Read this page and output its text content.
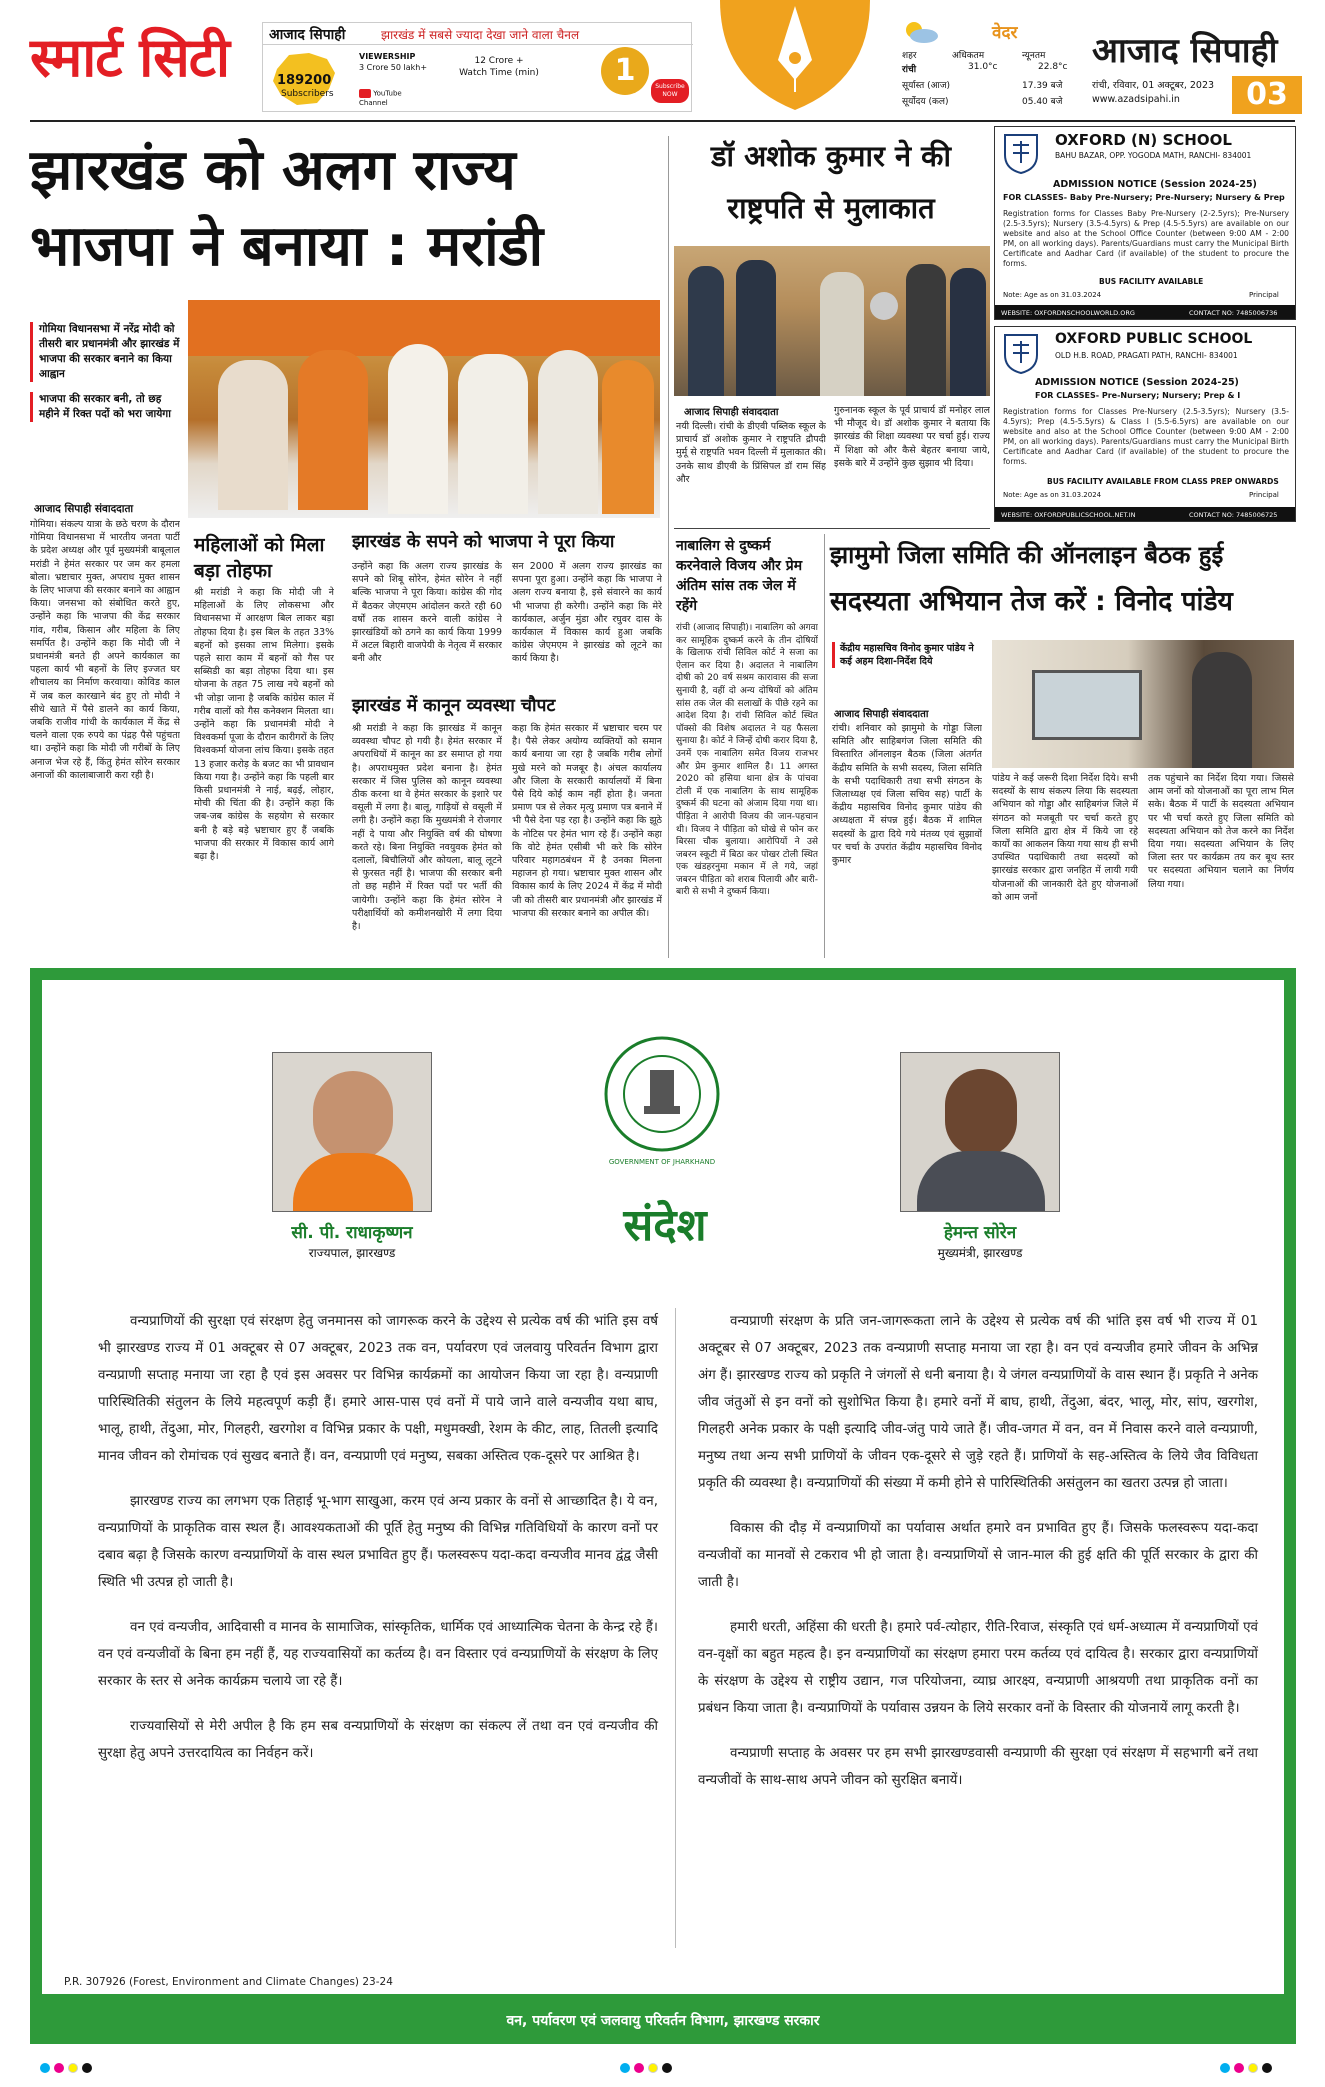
स्मार्ट सिटी	आजाद सिपाही	झारखंड में सबसे ज्यादा देखा जाने वाला चैनल
189200
Subscribers
VIEWERSHIP
3 Crore 50 lakh+
YouTube
Channel
12 Crore +
Watch Time (min)	1	Subscribe NOW
वेदर
शहर	अधिकतम	न्यूनतम
रांची	31.0°c	22.8°c
सूर्यास्त (आज)	17.39 बजे
सूर्योदय (कल)	05.40 बजे
आजाद सिपाही
रांची, रविवार, 01 अक्टूबर, 2023
www.azadsipahi.in	03
झारखंड को अलग राज्य
भाजपा ने बनाया : मरांडी
गोमिया विधानसभा में नरेंद्र मोदी को तीसरी बार प्रधानमंत्री और झारखंड में भाजपा की सरकार बनाने का किया आह्वान
भाजपा की सरकार बनी, तो छह महीने में रिक्त पदों को भरा जायेगा
आजाद सिपाही संवाददाता
गोमिया। संकल्प यात्रा के छठे चरण के दौरान गोमिया विधानसभा में भारतीय जनता पार्टी के प्रदेश अध्यक्ष और पूर्व मुख्यमंत्री बाबूलाल मरांडी ने हेमंत सरकार पर जम कर हमला बोला। भ्रष्टाचार मुक्त, अपराध मुक्त शासन के लिए भाजपा की सरकार बनाने का आह्वान किया। जनसभा को संबोधित करते हुए, उन्होंने कहा कि भाजपा की केंद्र सरकार गांव, गरीब, किसान और महिला के लिए समर्पित है। उन्होंने कहा कि मोदी जी ने प्रधानमंत्री बनते ही अपने कार्यकाल का पहला कार्य भी बहनों के लिए इज्जत घर शौचालय का निर्माण करवाया। कोविड काल में जब कल कारखाने बंद हुए तो मोदी ने सीधे खाते में पैसे डालने का कार्य किया, जबकि राजीव गांधी के कार्यकाल में केंद्र से चलने वाला एक रुपये का पंद्रह पैसे पहुंचता था। उन्होंने कहा कि मोदी जी गरीबों के लिए अनाज भेज रहे हैं, किंतु हेमंत सोरेन सरकार अनाजों की कालाबाजारी करा रही है।
महिलाओं को मिला बड़ा तोहफा
श्री मरांडी ने कहा कि मोदी जी ने महिलाओं के लिए लोकसभा और विधानसभा में आरक्षण बिल लाकर बड़ा तोहफा दिया है। इस बिल के तहत 33% बहनों को इसका लाभ मिलेगा। इसके पहले सारा काम में बहनों को गैस पर सब्सिडी का बड़ा तोहफा दिया था। इस योजना के तहत 75 लाख नये बहनों को भी जोड़ा जाना है जबकि कांग्रेस काल में गरीब वालों को गैस कनेक्शन मिलता था। उन्होंने कहा कि प्रधानमंत्री मोदी ने विश्वकर्मा पूजा के दौरान कारीगरों के लिए विश्वकर्मा योजना लांच किया। इसके तहत 13 हजार करोड़ के बजट का भी प्रावधान किया गया है। उन्होंने कहा कि पहली बार किसी प्रधानमंत्री ने नाई, बढ़ई, लोहार, मोची की चिंता की है। उन्होंने कहा कि जब-जब कांग्रेस के सहयोग से सरकार बनी है बड़े बड़े भ्रष्टाचार हुए हैं जबकि भाजपा की सरकार में विकास कार्य आगे बढ़ा है।
झारखंड के सपने को भाजपा ने पूरा किया
उन्होंने कहा कि अलग राज्य झारखंड के सपने को शिबू सोरेन, हेमंत सोरेन ने नहीं बल्कि भाजपा ने पूरा किया। कांग्रेस की गोद में बैठकर जेएमएम आंदोलन करते रही 60 वर्षों तक शासन करने वाली कांग्रेस ने झारखंडियों को ठगने का कार्य किया 1999 में अटल बिहारी वाजपेयी के नेतृत्व में सरकार बनी और
सन 2000 में अलग राज्य झारखंड का सपना पूरा हुआ। उन्होंने कहा कि भाजपा ने अलग राज्य बनाया है, इसे संवारने का कार्य भी भाजपा ही करेगी। उन्होंने कहा कि मेरे कार्यकाल, अर्जुन मुंडा और रघुवर दास के कार्यकाल में विकास कार्य हुआ जबकि कांग्रेस जेएमएम ने झारखंड को लूटने का कार्य किया है।
झारखंड में कानून व्यवस्था चौपट
श्री मरांडी ने कहा कि झारखंड में कानून व्यवस्था चौपट हो गयी है। हेमंत सरकार में अपराधियों में कानून का डर समाप्त हो गया है। अपराधमुक्त प्रदेश बनाना है। हेमंत सरकार में जिस पुलिस को कानून व्यवस्था ठीक करना था वे हेमंत सरकार के इशारे पर वसूली में लगा है। बालू, गाड़ियों से वसूली में लगी है। उन्होंने कहा कि मुख्यमंत्री ने रोजगार नहीं दे पाया और नियुक्ति वर्ष की घोषणा करते रहे। बिना नियुक्ति नवयुवक हेमंत को दलालों, बिचौलियों और कोयला, बालू लूटने से फुरसत नहीं है। भाजपा की सरकार बनी तो छह महीने में रिक्त पदों पर भर्ती की जायेगी। उन्होंने कहा कि हेमंत सोरेन ने परीक्षार्थियों को कमीशनखोरी में लगा दिया है।
कहा कि हेमंत सरकार में भ्रष्टाचार चरम पर है। पैसे लेकर अयोग्य व्यक्तियों को समान कार्य बनाया जा रहा है जबकि गरीब लोगों मुखे मरने को मजबूर है। अंचल कार्यालय और जिला के सरकारी कार्यालयों में बिना पैसे दिये कोई काम नहीं होता है। जनता प्रमाण पत्र से लेकर मृत्यु प्रमाण पत्र बनाने में भी पैसे देना पड़ रहा है। उन्होंने कहा कि झूठे के नोटिस पर हेमंत भाग रहे हैं। उन्होंने कहा कि वोटे हेमंत एसीबी भी करे कि सोरेन परिवार महागठबंधन में है उनका मिलना महाजन हो गया। भ्रष्टाचार मुक्त शासन और विकास कार्य के लिए 2024 में केंद्र में मोदी जी को तीसरी बार प्रधानमंत्री और झारखंड में भाजपा की सरकार बनाने का अपील की।
डॉ अशोक कुमार ने की
राष्ट्रपति से मुलाकात
आजाद सिपाही संवाददाता
नयी दिल्ली। रांची के डीएवी पब्लिक स्कूल के प्राचार्य डॉ अशोक कुमार ने राष्ट्रपति द्रौपदी मुर्मू से राष्ट्रपति भवन दिल्ली में मुलाकात की। उनके साथ डीएवी के प्रिंसिपल डॉ राम सिंह और
गुरुनानक स्कूल के पूर्व प्राचार्य डॉ मनोहर लाल भी मौजूद थे। डॉ अशोक कुमार ने बताया कि झारखंड की शिक्षा व्यवस्था पर चर्चा हुई। राज्य में शिक्षा को और कैसे बेहतर बनाया जाये, इसके बारे में उन्होंने कुछ सुझाव भी दिया।
नाबालिग से दुष्कर्म करनेवाले विजय और प्रेम अंतिम सांस तक जेल में रहेंगे
रांची (आजाद सिपाही)। नाबालिग को अगवा कर सामूहिक दुष्कर्म करने के तीन दोषियों के खिलाफ रांची सिविल कोर्ट ने सजा का ऐलान कर दिया है। अदालत ने नाबालिग दोषी को 20 वर्ष सश्रम कारावास की सजा सुनायी है, वहीं दो अन्य दोषियों को अंतिम सांस तक जेल की सलाखों के पीछे रहने का आदेश दिया है। रांची सिविल कोर्ट स्थित पॉक्सो की विशेष अदालत ने यह फैसला सुनाया है। कोर्ट ने जिन्हें दोषी करार दिया है, उनमें एक नाबालिग समेत विजय राजभर और प्रेम कुमार शामिल है। 11 अगस्त 2020 को हसिया थाना क्षेत्र के पांचवा टोली में एक नाबालिग के साथ सामूहिक दुष्कर्म की घटना को अंजाम दिया गया था। पीड़िता ने आरोपी विजय की जान-पहचान थी। विजय ने पीड़िता को घोखे से फोन कर बिरसा चौक बुलाया। आरोपियों ने उसे जबरन स्कूटी में बिठा कर पोखर टोली स्थित एक खंडहरनुमा मकान में ले गये, जहां जबरन पीड़िता को शराब पिलायी और बारी-बारी से सभी ने दुष्कर्म किया।
झामुमो जिला समिति की ऑनलाइन बैठक हुई
सदस्यता अभियान तेज करें : विनोद पांडेय
केंद्रीय महासचिव विनोद कुमार पांडेय ने कई अहम दिशा-निर्देश दिये
आजाद सिपाही संवाददाता
रांची। शनिवार को झामुमो के गोड्डा जिला समिति और साहिबगंज जिला समिति की विस्तारित ऑनलाइन बैठक (जिला अंतर्गत केंद्रीय समिति के सभी सदस्य, जिला समिति के सभी पदाधिकारी तथा सभी संगठन के जिलाध्यक्ष एवं जिला सचिव सह) पार्टी के केंद्रीय महासचिव विनोद कुमार पांडेय की अध्यक्षता में संपन्न हुई। बैठक में शामिल सदस्यों के द्वारा दिये गये मंतव्य एवं सुझावों पर चर्चा के उपरांत केंद्रीय महासचिव विनोद कुमार
पांडेय ने कई जरूरी दिशा निर्देश दिये। सभी सदस्यों के साथ संकल्प लिया कि सदस्यता अभियान को गोड्डा और साहिबगंज जिले में संगठन को मजबूती पर चर्चा करते हुए जिला समिति द्वारा क्षेत्र में किये जा रहे कार्यों का आकलन किया गया साथ ही सभी उपस्थित पदाधिकारी तथा सदस्यों को झारखंड सरकार द्वारा जनहित में लायी गयी योजनाओं की जानकारी देते हुए योजनाओं को आम जनों
तक पहुंचाने का निर्देश दिया गया। जिससे आम जनों को योजनाओं का पूरा लाभ मिल सके। बैठक में पार्टी के सदस्यता अभियान पर भी चर्चा करते हुए जिला समिति को सदस्यता अभियान को तेज करने का निर्देश दिया गया। सदस्यता अभियान के लिए जिला स्तर पर कार्यक्रम तय कर बूथ स्तर पर सदस्यता अभियान चलाने का निर्णय लिया गया।
OXFORD (N) SCHOOL
BAHU BAZAR, OPP. YOGODA MATH, RANCHI- 834001
ADMISSION NOTICE (Session 2024-25)
FOR CLASSES- Baby Pre-Nursery; Pre-Nursery; Nursery & Prep
Registration forms for Classes Baby Pre-Nursery (2-2.5yrs); Pre-Nursery (2.5-3.5yrs); Nursery (3.5-4.5yrs) & Prep (4.5-5.5yrs) are available on our website and also at the School Office Counter (between 9:00 AM - 2:00 PM, on all working days). Parents/Guardians must carry the Municipal Birth Certificate and Aadhar Card (if available) of the student to procure the forms.
BUS FACILITY AVAILABLE
Note: Age as on 31.03.2024	Principal
WEBSITE: OXFORDNSCHOOLWORLD.ORG	CONTACT NO: 7485006736
OXFORD PUBLIC SCHOOL
OLD H.B. ROAD, PRAGATI PATH, RANCHI- 834001
ADMISSION NOTICE (Session 2024-25)
FOR CLASSES- Pre-Nursery; Nursery; Prep & I
Registration forms for Classes Pre-Nursery (2.5-3.5yrs); Nursery (3.5-4.5yrs); Prep (4.5-5.5yrs) & Class I (5.5-6.5yrs) are available on our website and also at the School Office Counter (between 9:00 AM - 2:00 PM, on all working days). Parents/Guardians must carry the Municipal Birth Certificate and Aadhar Card (if available) of the student to procure the forms.
BUS FACILITY AVAILABLE FROM CLASS PREP ONWARDS
Note: Age as on 31.03.2024	Principal
WEBSITE: OXFORDPUBLICSCHOOL.NET.IN	CONTACT NO: 7485006725
सी. पी. राधाकृष्णन
राज्यपाल, झारखण्ड
GOVERNMENT OF JHARKHAND
संदेश	हेमन्त सोरेन
मुख्यमंत्री, झारखण्ड

वन्यप्राणियों की सुरक्षा एवं संरक्षण हेतु जनमानस को जागरूक करने के उद्देश्य से प्रत्येक वर्ष की भांति इस वर्ष भी झारखण्ड राज्य में 01 अक्टूबर से 07 अक्टूबर, 2023 तक वन, पर्यावरण एवं जलवायु परिवर्तन विभाग द्वारा वन्यप्राणी सप्ताह मनाया जा रहा है एवं इस अवसर पर विभिन्न कार्यक्रमों का आयोजन किया जा रहा है। वन्यप्राणी पारिस्थितिकी संतुलन के लिये महत्वपूर्ण कड़ी हैं। हमारे आस-पास एवं वनों में पाये जाने वाले वन्यजीव यथा बाघ, भालू, हाथी, तेंदुआ, मोर, गिलहरी, खरगोश व विभिन्न प्रकार के पक्षी, मधुमक्खी, रेशम के कीट, लाह, तितली इत्यादि मानव जीवन को रोमांचक एवं सुखद बनाते हैं। वन, वन्यप्राणी एवं मनुष्य, सबका अस्तित्व एक-दूसरे पर आश्रित है।

झारखण्ड राज्य का लगभग एक तिहाई भू-भाग साखुआ, करम एवं अन्य प्रकार के वनों से आच्छादित है। ये वन, वन्यप्राणियों के प्राकृतिक वास स्थल हैं। आवश्यकताओं की पूर्ति हेतु मनुष्य की विभिन्न गतिविधियों के कारण वनों पर दबाव बढ़ा है जिसके कारण वन्यप्राणियों के वास स्थल प्रभावित हुए हैं। फलस्वरूप यदा-कदा वन्यजीव मानव द्वंद्व जैसी स्थिति भी उत्पन्न हो जाती है।

वन एवं वन्यजीव, आदिवासी व मानव के सामाजिक, सांस्कृतिक, धार्मिक एवं आध्यात्मिक चेतना के केन्द्र रहे हैं। वन एवं वन्यजीवों के बिना हम नहीं हैं, यह राज्यवासियों का कर्तव्य है। वन विस्तार एवं वन्यप्राणियों के संरक्षण के लिए सरकार के स्तर से अनेक कार्यक्रम चलाये जा रहे हैं।

राज्यवासियों से मेरी अपील है कि हम सब वन्यप्राणियों के संरक्षण का संकल्प लें तथा वन एवं वन्यजीव की सुरक्षा हेतु अपने उत्तरदायित्व का निर्वहन करें।

वन्यप्राणी संरक्षण के प्रति जन-जागरूकता लाने के उद्देश्य से प्रत्येक वर्ष की भांति इस वर्ष भी राज्य में 01 अक्टूबर से 07 अक्टूबर, 2023 तक वन्यप्राणी सप्ताह मनाया जा रहा है। वन एवं वन्यजीव हमारे जीवन के अभिन्न अंग हैं। झारखण्ड राज्य को प्रकृति ने जंगलों से धनी बनाया है। ये जंगल वन्यप्राणियों के वास स्थान हैं। प्रकृति ने अनेक जीव जंतुओं से इन वनों को सुशोभित किया है। हमारे वनों में बाघ, हाथी, तेंदुआ, बंदर, भालू, मोर, सांप, खरगोश, गिलहरी अनेक प्रकार के पक्षी इत्यादि जीव-जंतु पाये जाते हैं। जीव-जगत में वन, वन में निवास करने वाले वन्यप्राणी, मनुष्य तथा अन्य सभी प्राणियों के जीवन एक-दूसरे से जुड़े रहते हैं। प्राणियों के सह-अस्तित्व के लिये जैव विविधता प्रकृति की व्यवस्था है। वन्यप्राणियों की संख्या में कमी होने से पारिस्थितिकी असंतुलन का खतरा उत्पन्न हो जाता।

विकास की दौड़ में वन्यप्राणियों का पर्यावास अर्थात हमारे वन प्रभावित हुए हैं। जिसके फलस्वरूप यदा-कदा वन्यजीवों का मानवों से टकराव भी हो जाता है। वन्यप्राणियों से जान-माल की हुई क्षति की पूर्ति सरकार के द्वारा की जाती है।

हमारी धरती, अहिंसा की धरती है। हमारे पर्व-त्योहार, रीति-रिवाज, संस्कृति एवं धर्म-अध्यात्म में वन्यप्राणियों एवं वन-वृक्षों का बहुत महत्व है। इन वन्यप्राणियों का संरक्षण हमारा परम कर्तव्य एवं दायित्व है। सरकार द्वारा वन्यप्राणियों के संरक्षण के उद्देश्य से राष्ट्रीय उद्यान, गज परियोजना, व्याघ्र आरक्ष्य, वन्यप्राणी आश्रयणी तथा प्राकृतिक वनों का प्रबंधन किया जाता है। वन्यप्राणियों के पर्यावास उन्नयन के लिये सरकार वनों के विस्तार की योजनायें लागू करती है।

वन्यप्राणी सप्ताह के अवसर पर हम सभी झारखण्डवासी वन्यप्राणी की सुरक्षा एवं संरक्षण में सहभागी बनें तथा वन्यजीवों के साथ-साथ अपने जीवन को सुरक्षित बनायें।

P.R. 307926 (Forest, Environment and Climate Changes) 23-24
वन, पर्यावरण एवं जलवायु परिवर्तन विभाग, झारखण्ड सरकार
